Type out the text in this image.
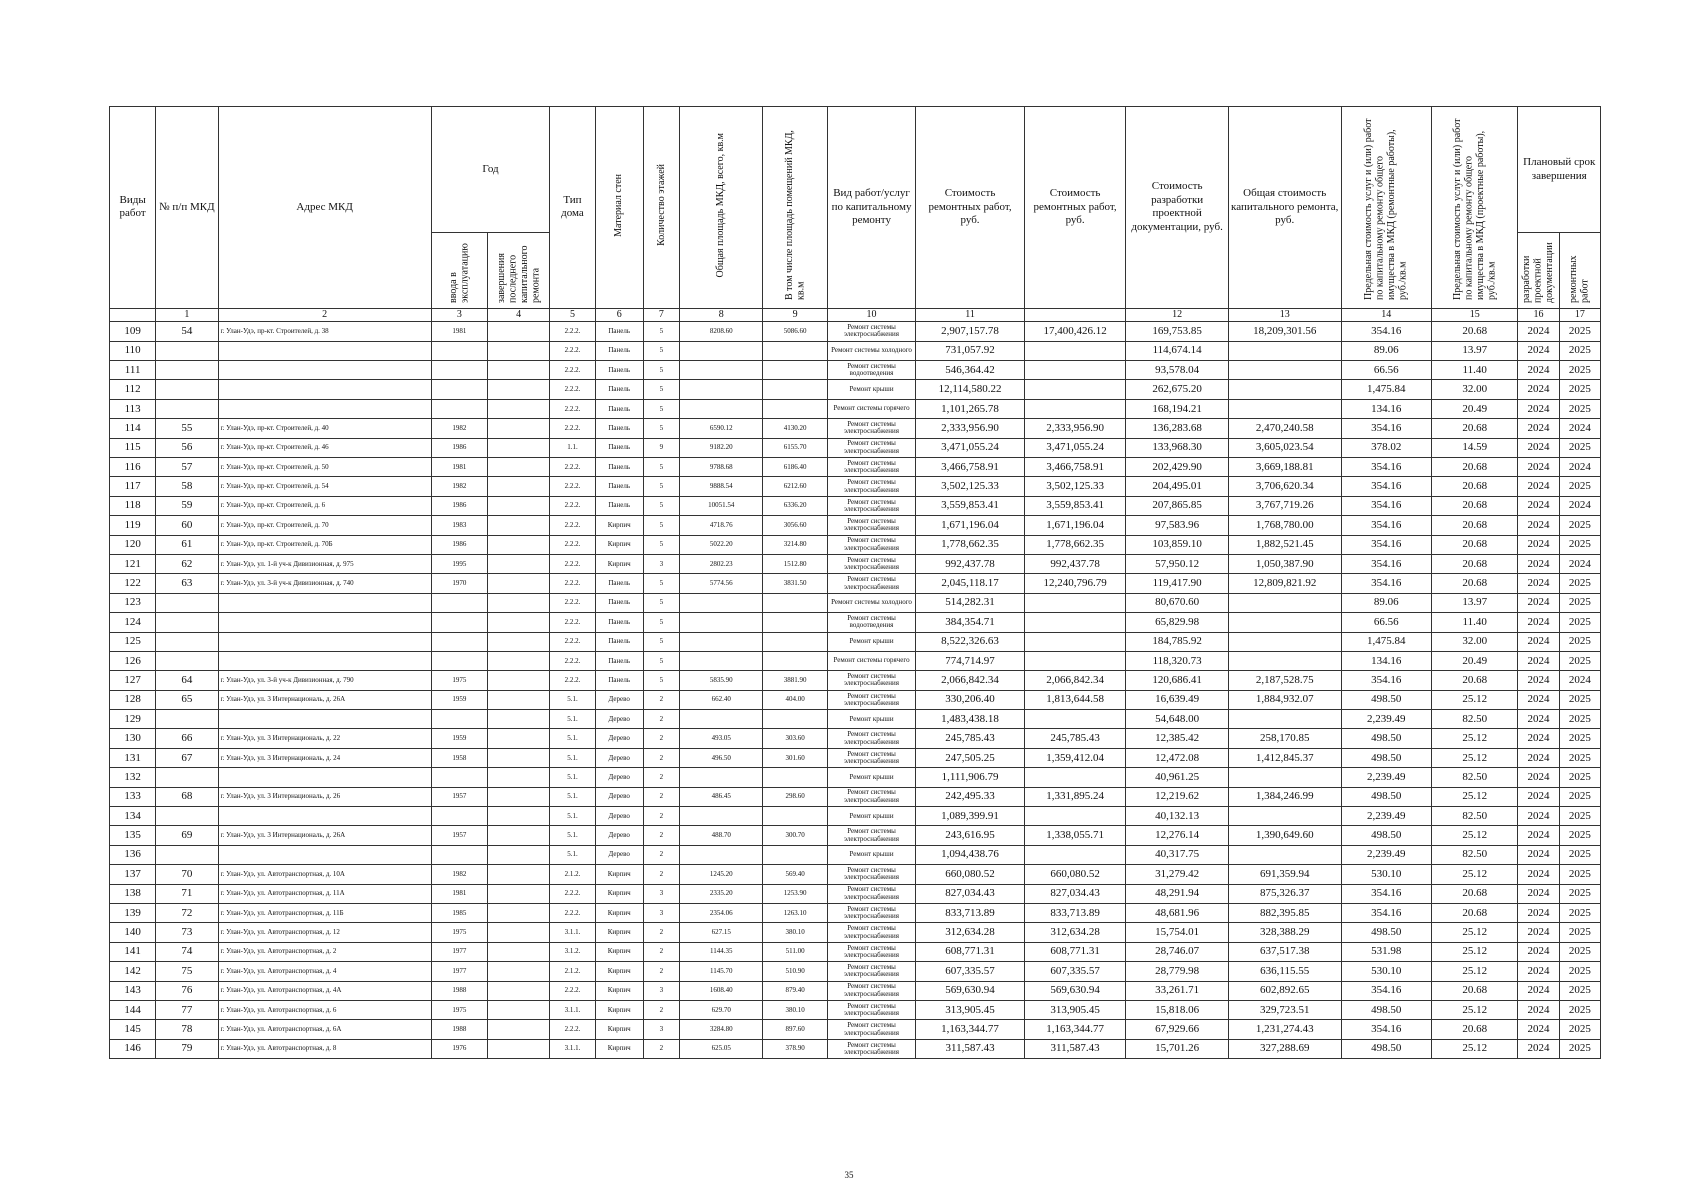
Виды работ	№ п/п МКД	Адрес МКД	Год		Тип дома	Материал стен	Количество этажей	Общая площадь МКД, всего, кв.м	В том числе площадь помещений МКД, кв.м	Вид работ/услуг по капитальному ремонту	Стоимость ремонтных работ, руб.	Стоимость ремонтных работ, руб.	Стоимость разработки проектной документации, руб.	Общая стоимость капитального ремонта, руб.	Предельная стоимость услуг и (или) работ по капитальному ремонту общего имущества в МКД (ремонтные работы), руб./кв.м	Предельная стоимость услуг и (или) работ по капитальному ремонту общего имущества в МКД (проектные работы), руб./кв.м	Плановый срок завершения	
			ввода в эксплуатацию	завершения последнего капитального ремонта													разработки проектной документации	ремонтных работ
	1	2	3	4	5	6	7	8	9	10	11		12	13	14	15	16	17
109	54	г. Улан-Удэ, пр-кт. Строителей, д. 38	1981		2.2.2.	Панель	5	8208.60	5086.60	Ремонт системы электроснабжения	2,907,157.78	17,400,426.12	169,753.85	18,209,301.56	354.16	20.68	2024	2025
110					2.2.2.	Панель	5			Ремонт системы холодного	731,057.92		114,674.14		89.06	13.97	2024	2025
111					2.2.2.	Панель	5			Ремонт системы водоотведения	546,364.42		93,578.04		66.56	11.40	2024	2025
112					2.2.2.	Панель	5			Ремонт крыши	12,114,580.22		262,675.20		1,475.84	32.00	2024	2025
113					2.2.2.	Панель	5			Ремонт системы горячего	1,101,265.78		168,194.21		134.16	20.49	2024	2025
114	55	г. Улан-Удэ, пр-кт. Строителей, д. 40	1982		2.2.2.	Панель	5	6590.12	4130.20	Ремонт системы электроснабжения	2,333,956.90	2,333,956.90	136,283.68	2,470,240.58	354.16	20.68	2024	2024
115	56	г. Улан-Удэ, пр-кт. Строителей, д. 46	1986		1.1.	Панель	9	9182.20	6155.70	Ремонт системы электроснабжения	3,471,055.24	3,471,055.24	133,968.30	3,605,023.54	378.02	14.59	2024	2025
116	57	г. Улан-Удэ, пр-кт. Строителей, д. 50	1981		2.2.2.	Панель	5	9788.68	6186.40	Ремонт системы электроснабжения	3,466,758.91	3,466,758.91	202,429.90	3,669,188.81	354.16	20.68	2024	2024
117	58	г. Улан-Удэ, пр-кт. Строителей, д. 54	1982		2.2.2.	Панель	5	9888.54	6212.60	Ремонт системы электроснабжения	3,502,125.33	3,502,125.33	204,495.01	3,706,620.34	354.16	20.68	2024	2025
118	59	г. Улан-Удэ, пр-кт. Строителей, д. 6	1986		2.2.2.	Панель	5	10051.54	6336.20	Ремонт системы электроснабжения	3,559,853.41	3,559,853.41	207,865.85	3,767,719.26	354.16	20.68	2024	2024
119	60	г. Улан-Удэ, пр-кт. Строителей, д. 70	1983		2.2.2.	Кирпич	5	4718.76	3056.60	Ремонт системы электроснабжения	1,671,196.04	1,671,196.04	97,583.96	1,768,780.00	354.16	20.68	2024	2025
120	61	г. Улан-Удэ, пр-кт. Строителей, д. 70Б	1986		2.2.2.	Кирпич	5	5022.20	3214.80	Ремонт системы электроснабжения	1,778,662.35	1,778,662.35	103,859.10	1,882,521.45	354.16	20.68	2024	2025
121	62	г. Улан-Удэ, ул. 1-й уч-к Дивизионная, д. 975	1995		2.2.2.	Кирпич	3	2802.23	1512.80	Ремонт системы электроснабжения	992,437.78	992,437.78	57,950.12	1,050,387.90	354.16	20.68	2024	2024
122	63	г. Улан-Удэ, ул. 3-й уч-к Дивизионная, д. 740	1970		2.2.2.	Панель	5	5774.56	3831.50	Ремонт системы электроснабжения	2,045,118.17	12,240,796.79	119,417.90	12,809,821.92	354.16	20.68	2024	2025
123					2.2.2.	Панель	5			Ремонт системы холодного	514,282.31		80,670.60		89.06	13.97	2024	2025
124					2.2.2.	Панель	5			Ремонт системы водоотведения	384,354.71		65,829.98		66.56	11.40	2024	2025
125					2.2.2.	Панель	5			Ремонт крыши	8,522,326.63		184,785.92		1,475.84	32.00	2024	2025
126					2.2.2.	Панель	5			Ремонт системы горячего	774,714.97		118,320.73		134.16	20.49	2024	2025
127	64	г. Улан-Удэ, ул. 3-й уч-к Дивизионная, д. 790	1975		2.2.2.	Панель	5	5835.90	3881.90	Ремонт системы электроснабжения	2,066,842.34	2,066,842.34	120,686.41	2,187,528.75	354.16	20.68	2024	2024
128	65	г. Улан-Удэ, ул. 3 Интернациональ, д. 26А	1959		5.1.	Дерево	2	662.40	404.00	Ремонт системы электроснабжения	330,206.40	1,813,644.58	16,639.49	1,884,932.07	498.50	25.12	2024	2025
129					5.1.	Дерево	2			Ремонт крыши	1,483,438.18		54,648.00		2,239.49	82.50	2024	2025
130	66	г. Улан-Удэ, ул. 3 Интернациональ, д. 22	1959		5.1.	Дерево	2	493.05	303.60	Ремонт системы электроснабжения	245,785.43	245,785.43	12,385.42	258,170.85	498.50	25.12	2024	2025
131	67	г. Улан-Удэ, ул. 3 Интернациональ, д. 24	1958		5.1.	Дерево	2	496.50	301.60	Ремонт системы электроснабжения	247,505.25	1,359,412.04	12,472.08	1,412,845.37	498.50	25.12	2024	2025
132					5.1.	Дерево	2			Ремонт крыши	1,111,906.79		40,961.25		2,239.49	82.50	2024	2025
133	68	г. Улан-Удэ, ул. 3 Интернациональ, д. 26	1957		5.1.	Дерево	2	486.45	298.60	Ремонт системы электроснабжения	242,495.33	1,331,895.24	12,219.62	1,384,246.99	498.50	25.12	2024	2025
134					5.1.	Дерево	2			Ремонт крыши	1,089,399.91		40,132.13		2,239.49	82.50	2024	2025
135	69	г. Улан-Удэ, ул. 3 Интернациональ, д. 26А	1957		5.1.	Дерево	2	488.70	300.70	Ремонт системы электроснабжения	243,616.95	1,338,055.71	12,276.14	1,390,649.60	498.50	25.12	2024	2025
136					5.1.	Дерево	2			Ремонт крыши	1,094,438.76		40,317.75		2,239.49	82.50	2024	2025
137	70	г. Улан-Удэ, ул. Автотранспортная, д. 10А	1982		2.1.2.	Кирпич	2	1245.20	569.40	Ремонт системы электроснабжения	660,080.52	660,080.52	31,279.42	691,359.94	530.10	25.12	2024	2025
138	71	г. Улан-Удэ, ул. Автотранспортная, д. 11А	1981		2.2.2.	Кирпич	3	2335.20	1253.90	Ремонт системы электроснабжения	827,034.43	827,034.43	48,291.94	875,326.37	354.16	20.68	2024	2025
139	72	г. Улан-Удэ, ул. Автотранспортная, д. 11Б	1985		2.2.2.	Кирпич	3	2354.06	1263.10	Ремонт системы электроснабжения	833,713.89	833,713.89	48,681.96	882,395.85	354.16	20.68	2024	2025
140	73	г. Улан-Удэ, ул. Автотранспортная, д. 12	1975		3.1.1.	Кирпич	2	627.15	380.10	Ремонт системы электроснабжения	312,634.28	312,634.28	15,754.01	328,388.29	498.50	25.12	2024	2025
141	74	г. Улан-Удэ, ул. Автотранспортная, д. 2	1977		3.1.2.	Кирпич	2	1144.35	511.00	Ремонт системы электроснабжения	608,771.31	608,771.31	28,746.07	637,517.38	531.98	25.12	2024	2025
142	75	г. Улан-Удэ, ул. Автотранспортная, д. 4	1977		2.1.2.	Кирпич	2	1145.70	510.90	Ремонт системы электроснабжения	607,335.57	607,335.57	28,779.98	636,115.55	530.10	25.12	2024	2025
143	76	г. Улан-Удэ, ул. Автотранспортная, д. 4А	1988		2.2.2.	Кирпич	3	1608.40	879.40	Ремонт системы электроснабжения	569,630.94	569,630.94	33,261.71	602,892.65	354.16	20.68	2024	2025
144	77	г. Улан-Удэ, ул. Автотранспортная, д. 6	1975		3.1.1.	Кирпич	2	629.70	380.10	Ремонт системы электроснабжения	313,905.45	313,905.45	15,818.06	329,723.51	498.50	25.12	2024	2025
145	78	г. Улан-Удэ, ул. Автотранспортная, д. 6А	1988		2.2.2.	Кирпич	3	3284.80	897.60	Ремонт системы электроснабжения	1,163,344.77	1,163,344.77	67,929.66	1,231,274.43	354.16	20.68	2024	2025
146	79	г. Улан-Удэ, ул. Автотранспортная, д. 8	1976		3.1.1.	Кирпич	2	625.05	378.90	Ремонт системы электроснабжения	311,587.43	311,587.43	15,701.26	327,288.69	498.50	25.12	2024	2025
35
